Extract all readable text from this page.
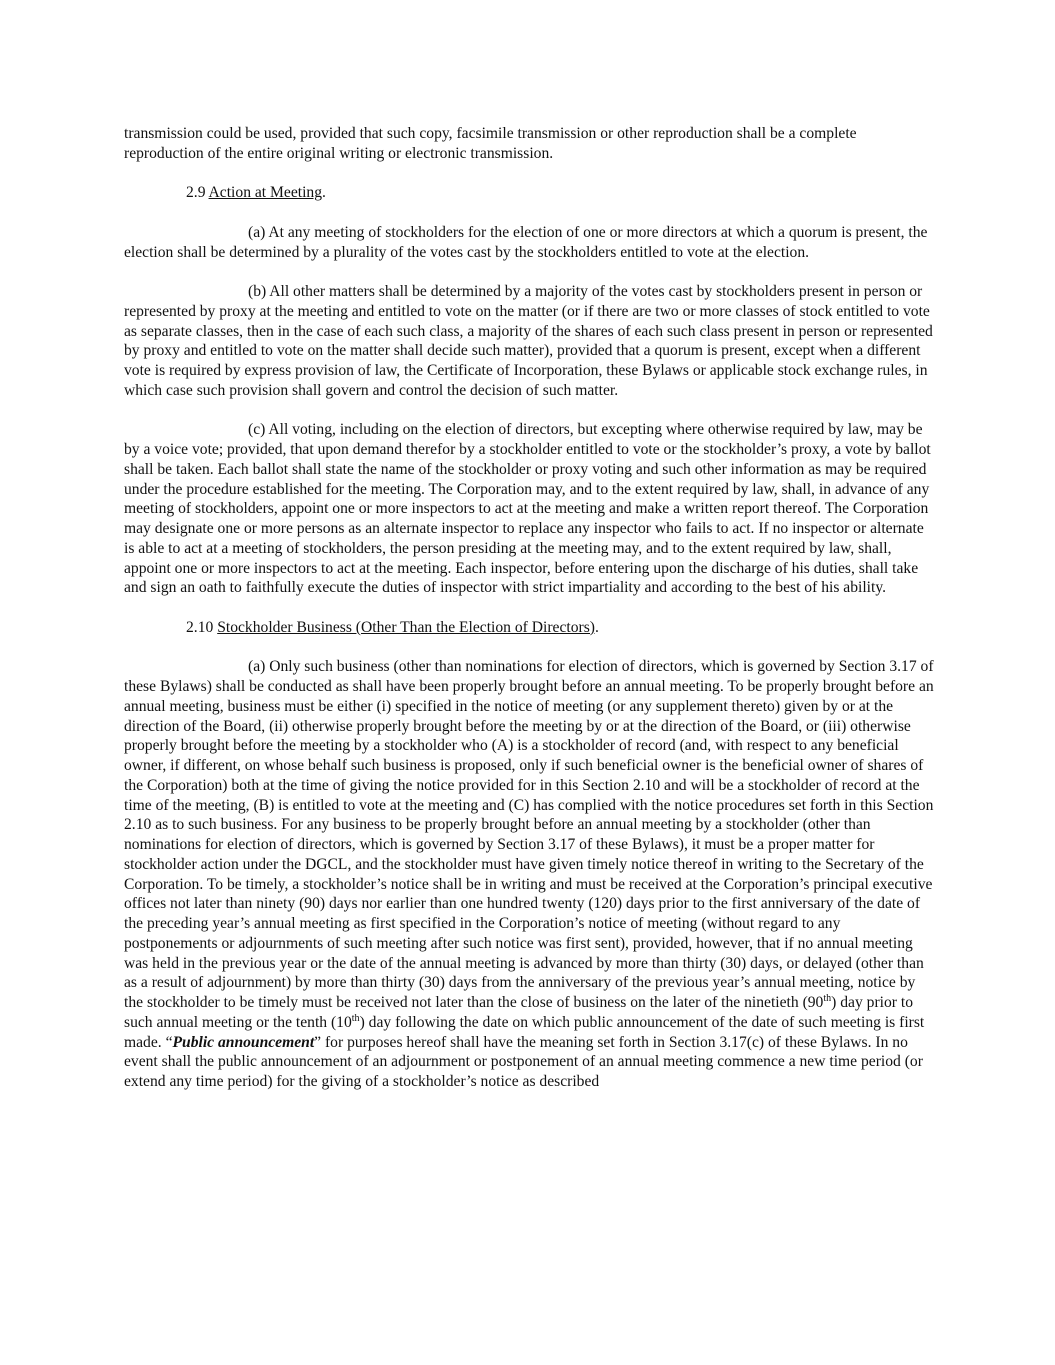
transmission could be used, provided that such copy, facsimile transmission or other reproduction shall be a complete reproduction of the entire original writing or electronic transmission.

2.9 Action at Meeting.

(a) At any meeting of stockholders for the election of one or more directors at which a quorum is present, the election shall be determined by a plurality of the votes cast by the stockholders entitled to vote at the election.

(b) All other matters shall be determined by a majority of the votes cast by stockholders present in person or represented by proxy at the meeting and entitled to vote on the matter (or if there are two or more classes of stock entitled to vote as separate classes, then in the case of each such class, a majority of the shares of each such class present in person or represented by proxy and entitled to vote on the matter shall decide such matter), provided that a quorum is present, except when a different vote is required by express provision of law, the Certificate of Incorporation, these Bylaws or applicable stock exchange rules, in which case such provision shall govern and control the decision of such matter.

(c) All voting, including on the election of directors, but excepting where otherwise required by law, may be by a voice vote; provided, that upon demand therefor by a stockholder entitled to vote or the stockholder’s proxy, a vote by ballot shall be taken. Each ballot shall state the name of the stockholder or proxy voting and such other information as may be required under the procedure established for the meeting. The Corporation may, and to the extent required by law, shall, in advance of any meeting of stockholders, appoint one or more inspectors to act at the meeting and make a written report thereof. The Corporation may designate one or more persons as an alternate inspector to replace any inspector who fails to act. If no inspector or alternate is able to act at a meeting of stockholders, the person presiding at the meeting may, and to the extent required by law, shall, appoint one or more inspectors to act at the meeting. Each inspector, before entering upon the discharge of his duties, shall take and sign an oath to faithfully execute the duties of inspector with strict impartiality and according to the best of his ability.

2.10 Stockholder Business (Other Than the Election of Directors).

(a) Only such business (other than nominations for election of directors, which is governed by Section 3.17 of these Bylaws) shall be conducted as shall have been properly brought before an annual meeting. To be properly brought before an annual meeting, business must be either (i) specified in the notice of meeting (or any supplement thereto) given by or at the direction of the Board, (ii) otherwise properly brought before the meeting by or at the direction of the Board, or (iii) otherwise properly brought before the meeting by a stockholder who (A) is a stockholder of record (and, with respect to any beneficial owner, if different, on whose behalf such business is proposed, only if such beneficial owner is the beneficial owner of shares of the Corporation) both at the time of giving the notice provided for in this Section 2.10 and will be a stockholder of record at the time of the meeting, (B) is entitled to vote at the meeting and (C) has complied with the notice procedures set forth in this Section 2.10 as to such business. For any business to be properly brought before an annual meeting by a stockholder (other than nominations for election of directors, which is governed by Section 3.17 of these Bylaws), it must be a proper matter for stockholder action under the DGCL, and the stockholder must have given timely notice thereof in writing to the Secretary of the Corporation. To be timely, a stockholder’s notice shall be in writing and must be received at the Corporation’s principal executive offices not later than ninety (90) days nor earlier than one hundred twenty (120) days prior to the first anniversary of the date of the preceding year’s annual meeting as first specified in the Corporation’s notice of meeting (without regard to any postponements or adjournments of such meeting after such notice was first sent), provided, however, that if no annual meeting was held in the previous year or the date of the annual meeting is advanced by more than thirty (30) days, or delayed (other than as a result of adjournment) by more than thirty (30) days from the anniversary of the previous year’s annual meeting, notice by the stockholder to be timely must be received not later than the close of business on the later of the ninetieth (90th) day prior to such annual meeting or the tenth (10th) day following the date on which public announcement of the date of such meeting is first made. “Public announcement” for purposes hereof shall have the meaning set forth in Section 3.17(c) of these Bylaws. In no event shall the public announcement of an adjournment or postponement of an annual meeting commence a new time period (or extend any time period) for the giving of a stockholder’s notice as described
